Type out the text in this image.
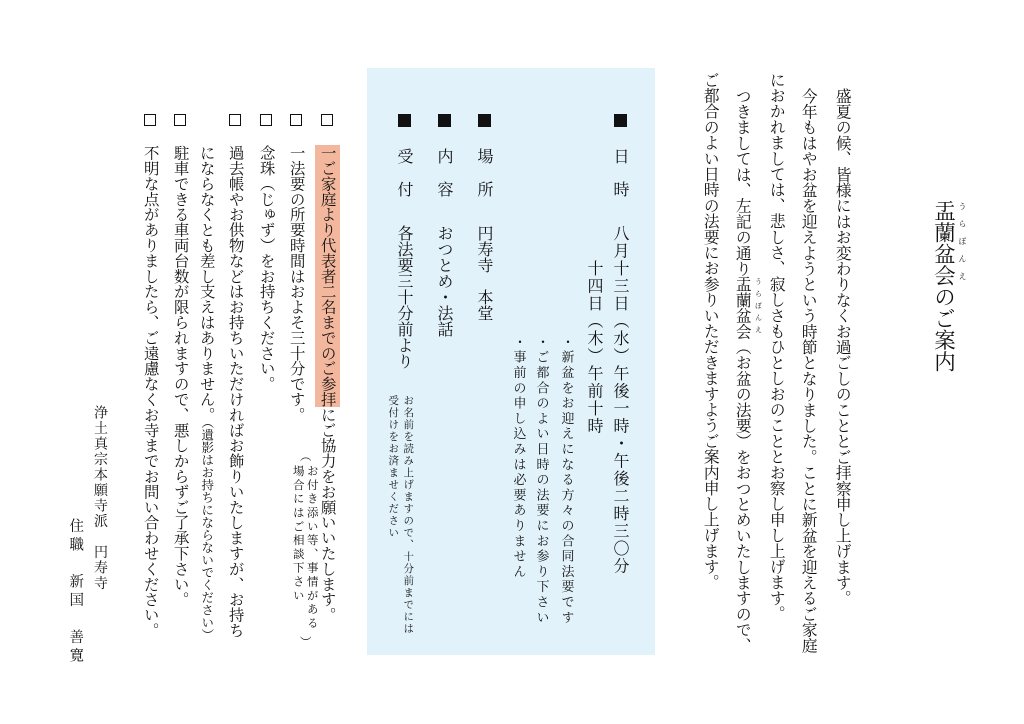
盂蘭盆会のご案内 うらぼんえ
盛夏の候、皆様にはお変わりなくお過ごしのこととご拝察申し上げます。
今年もはやお盆を迎えようという時節となりました。ことに新盆を迎えるご家庭
におかれましては、悲しさ、寂しさもひとしおのこととお察し申し上げます。
つきましては、左記の通り盂蘭盆会（お盆の法要）をおつとめいたしますので、
うらぼんえ
ご都合のよい日時の法要にお参りいただきますようご案内申し上げます。
日時
八月十三日（水）午後一時・午後二時三〇分
十四日（木）午前十時
・新盆をお迎えになる方々の合同法要です
・ご都合のよい日時の法要にお参り下さい
・事前の申し込みは必要ありません
場所
円寿寺　本堂
内容
おつとめ・法話
受付
各法要三十分前より
お名前を読み上げますので、十分前までには
受付けをお済ませください
一ご家庭より代表者二名までのご参拝にご協力をお願いいたします。
（
お付き添い等、事情がある
場合にはご相談下さい
）
一法要の所要時間はおよそ三十分です。
念珠（じゅず）をお持ちください。
過去帳やお供物などはお持ちいただければお飾りいたしますが、お持ち
にならなくとも差し支えはありません。（遺影はお持ちにならないでください）
駐車できる車両台数が限られますので、悪しからずご了承下さい。
不明な点がありましたら、ご遠慮なくお寺までお問い合わせください。
浄土真宗本願寺派　円寿寺
住職　新国　善寛
